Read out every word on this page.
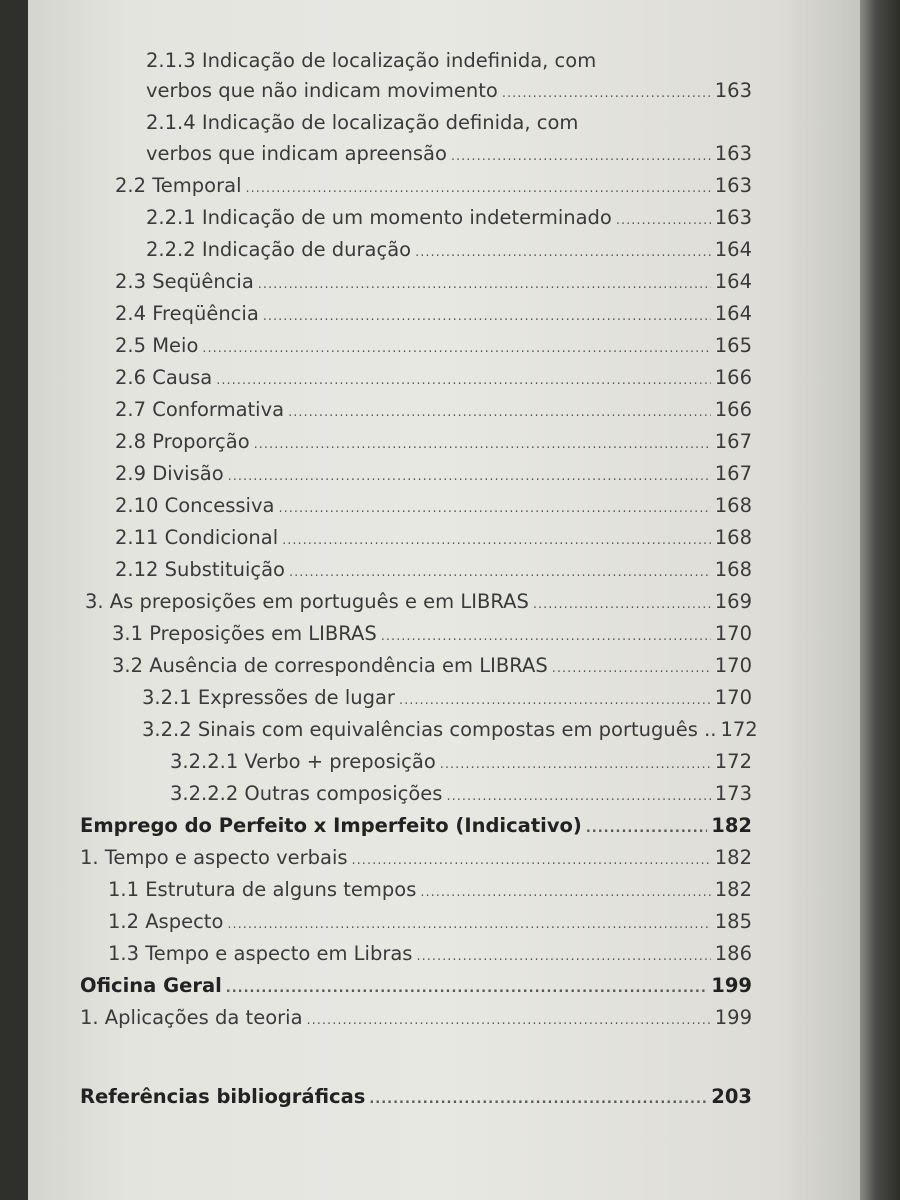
2.1.3 Indicação de localização indefinida, com
verbos que não indicam movimento .....	163
2.1.4 Indicação de localização definida, com
verbos que indicam apreensão .....	163
2.2 Temporal .....	163
2.2.1 Indicação de um momento indeterminado .....	163
2.2.2 Indicação de duração .....	164
2.3 Seqüência .....	164
2.4 Freqüência .....	164
2.5 Meio .....	165
2.6 Causa .....	166
2.7 Conformativa .....	166
2.8 Proporção .....	167
2.9 Divisão .....	167
2.10 Concessiva .....	168
2.11 Condicional .....	168
2.12 Substituição .....	168
3. As preposições em português e em LIBRAS .....	169
3.1 Preposições em LIBRAS .....	170
3.2 Ausência de correspondência em LIBRAS .....	170
3.2.1 Expressões de lugar .....	170
3.2.2 Sinais com equivalências compostas em português .. 172
3.2.2.1 Verbo + preposição .....	172
3.2.2.2 Outras composições .....	173
Emprego do Perfeito x Imperfeito (Indicativo) .....	182
1. Tempo e aspecto verbais .....	182
1.1 Estrutura de alguns tempos .....	182
1.2 Aspecto .....	185
1.3 Tempo e aspecto em Libras .....	186
Oficina Geral .....	199
1. Aplicações da teoria .....	199
Referências bibliográficas .....	203
